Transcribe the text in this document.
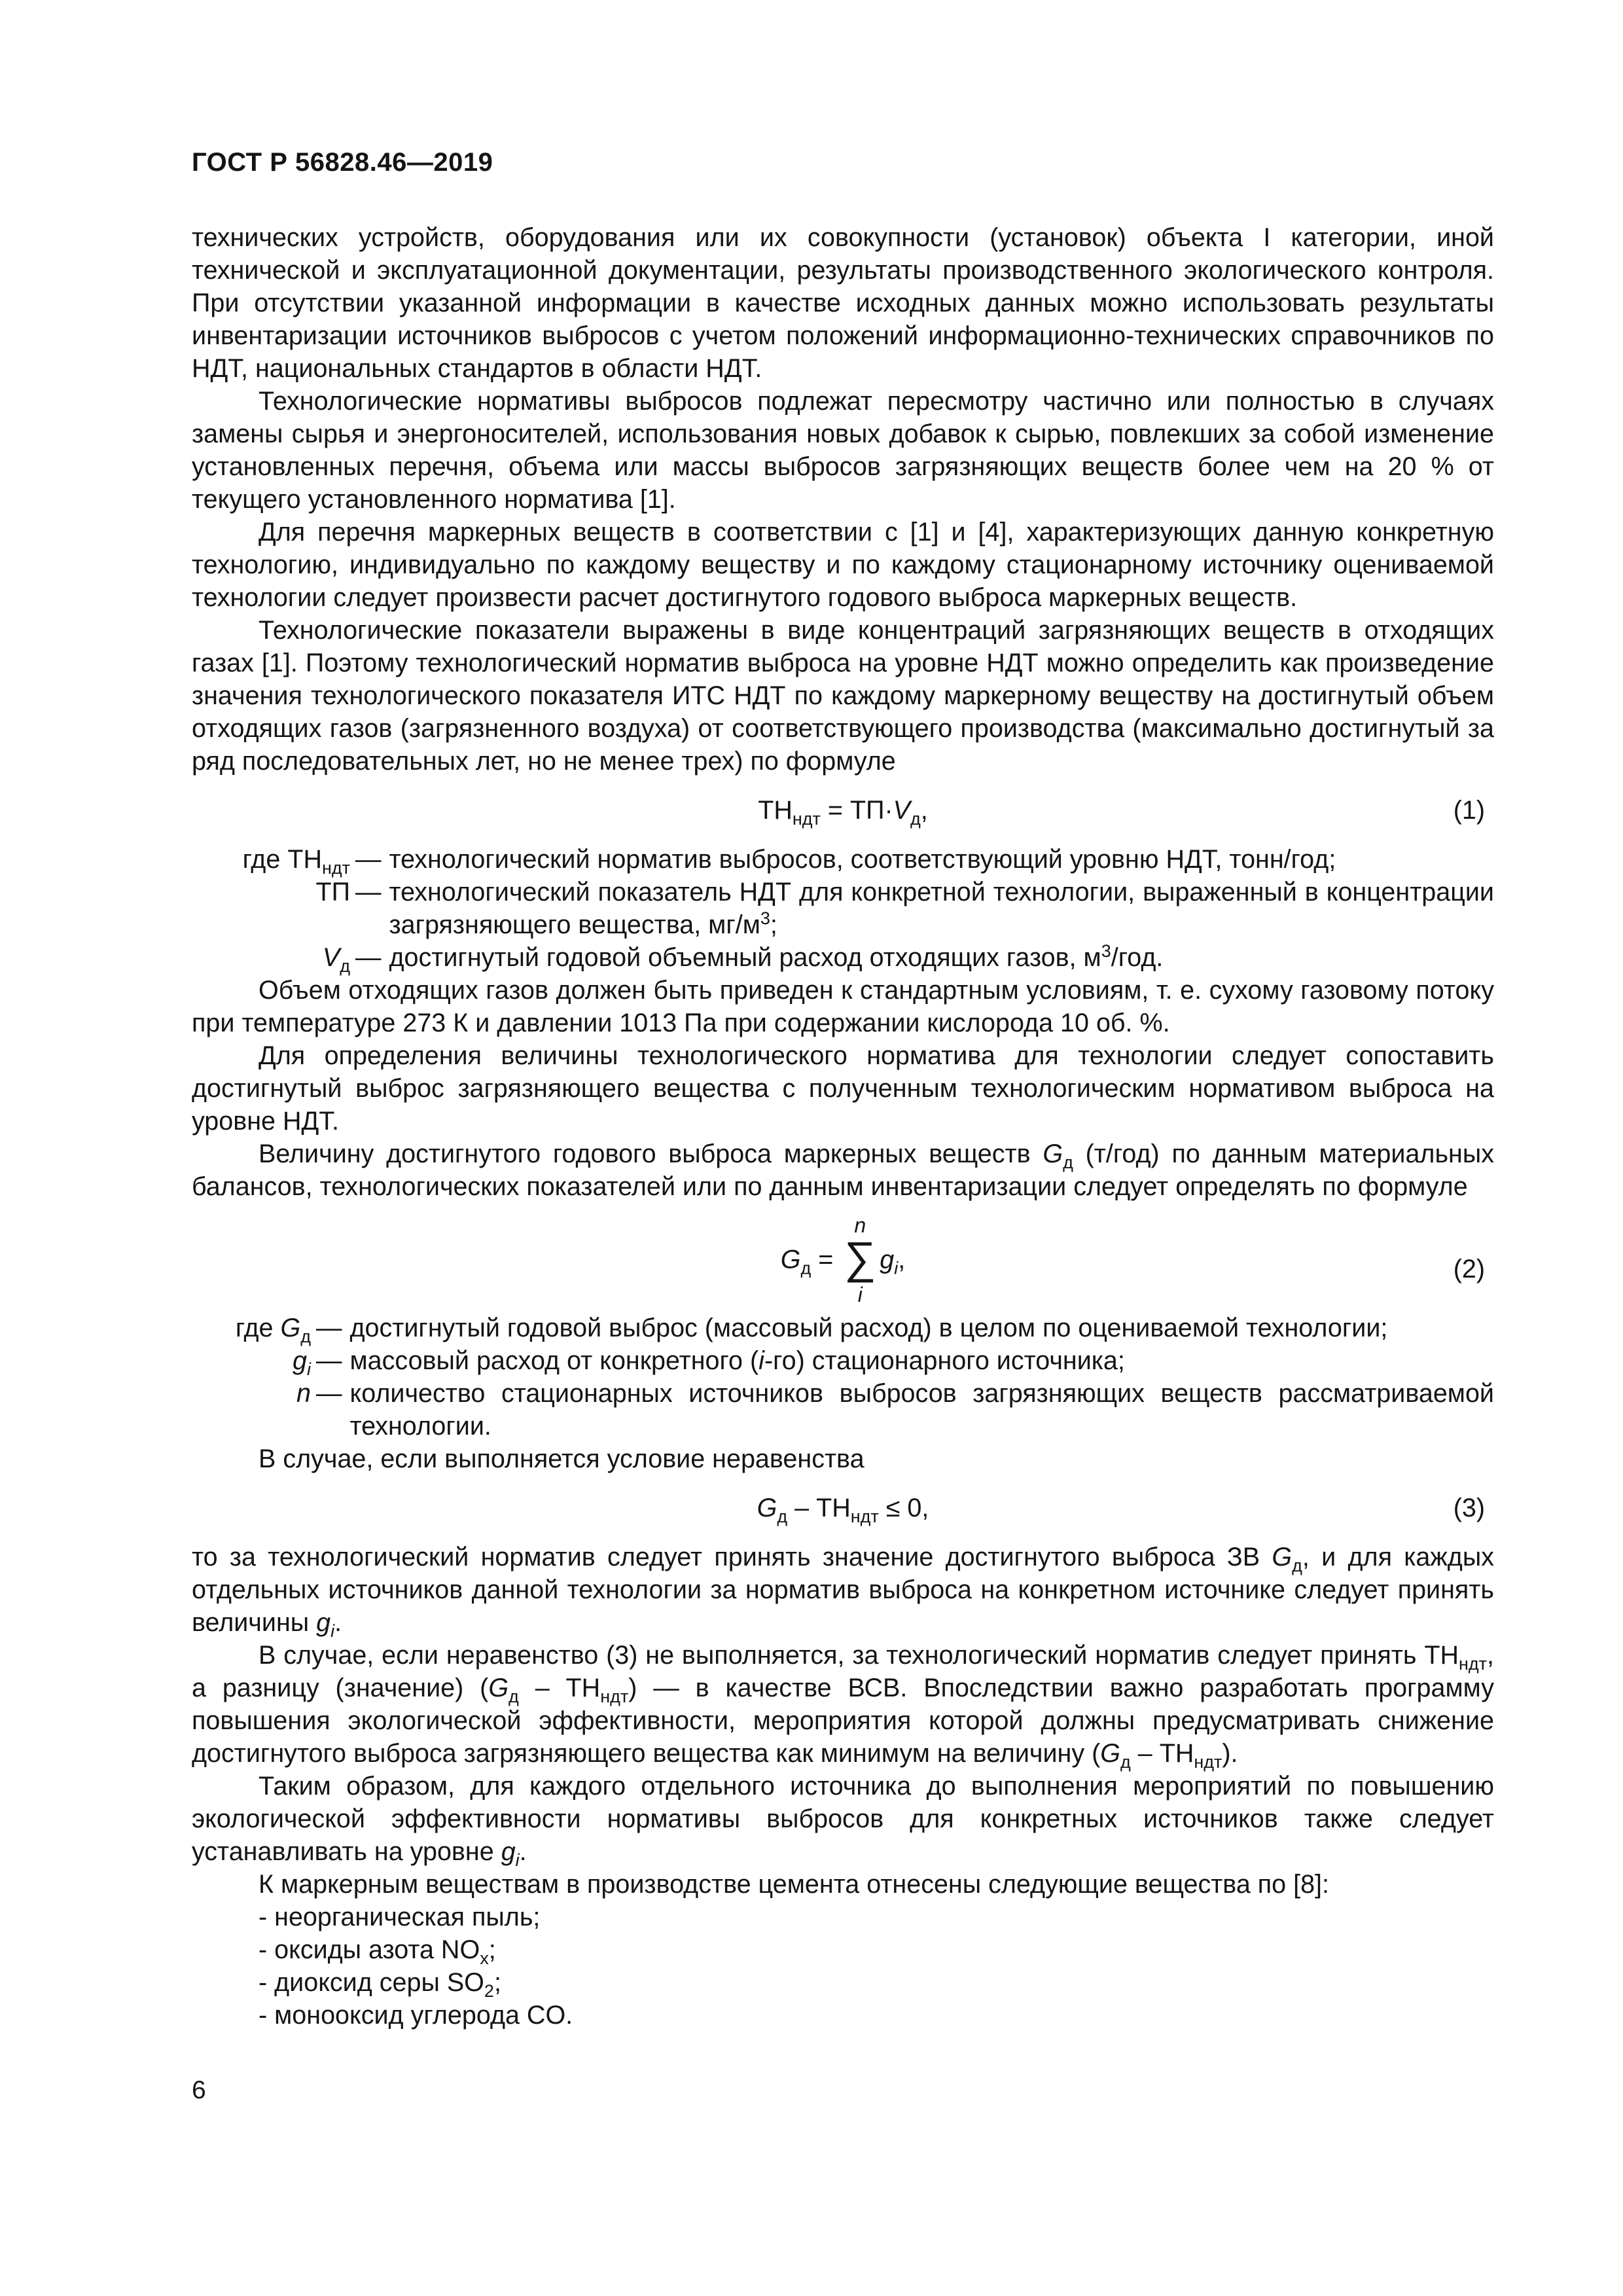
ГОСТ Р 56828.46—2019

технических устройств, оборудования или их совокупности (установок) объекта I категории, иной технической и эксплуатационной документации, результаты производственного экологического контроля. При отсутствии указанной информации в качестве исходных данных можно использовать результаты инвентаризации источников выбросов с учетом положений информационно-технических справочников по НДТ, национальных стандартов в области НДТ.

Технологические нормативы выбросов подлежат пересмотру частично или полностью в случаях замены сырья и энергоносителей, использования новых добавок к сырью, повлекших за собой изменение установленных перечня, объема или массы выбросов загрязняющих веществ более чем на 20 % от текущего установленного норматива [1].

Для перечня маркерных веществ в соответствии с [1] и [4], характеризующих данную конкретную технологию, индивидуально по каждому веществу и по каждому стационарному источнику оцениваемой технологии следует произвести расчет достигнутого годового выброса маркерных веществ.

Технологические показатели выражены в виде концентраций загрязняющих веществ в отходящих газах [1]. Поэтому технологический норматив выброса на уровне НДТ можно определить как произведение значения технологического показателя ИТС НДТ по каждому маркерному веществу на достигнутый объем отходящих газов (загрязненного воздуха) от соответствующего производства (максимально достигнутый за ряд последовательных лет, но не менее трех) по формуле

$ТН_{ндт} = ТП\cdot V_д$,	(1)
где $ТН_{ндт}$ — технологический норматив выбросов, соответствующий уровню НДТ, тонн/год;
ТП — технологический показатель НДТ для конкретной технологии, выраженный в концентрации загрязняющего вещества, $мг/м^3$;
$V_д$ — достигнутый годовой объемный расход отходящих газов, $м^3$/год.

Объем отходящих газов должен быть приведен к стандартным условиям, т. е. сухому газовому потоку при температуре 273 К и давлении 1013 Па при содержании кислорода 10 об. %.

Для определения величины технологического норматива для технологии следует сопоставить достигнутый выброс загрязняющего вещества с полученным технологическим нормативом выброса на уровне НДТ.

Величину достигнутого годового выброса маркерных веществ $G_д$ (т/год) по данным материальных балансов, технологических показателей или по данным инвентаризации следует определять по формуле

$G_д$ =
n
∑
i
$g_i$,	(2)
где $G_д$ — достигнутый годовой выброс (массовый расход) в целом по оцениваемой технологии;
$g_i$ — массовый расход от конкретного (i-го) стационарного источника;
n — количество стационарных источников выбросов загрязняющих веществ рассматриваемой технологии.

В случае, если выполняется условие неравенства

$G_д - ТН_{ндт} \le 0$,	(3)

то за технологический норматив следует принять значение достигнутого выброса ЗВ $G_д$, и для каждых отдельных источников данной технологии за норматив выброса на конкретном источнике следует принять величины $g_i$.

В случае, если неравенство (3) не выполняется, за технологический норматив следует принять $ТН_{ндт}$, а разницу (значение) $(G_д - ТН_{ндт})$ — в качестве ВСВ. Впоследствии важно разработать программу повышения экологической эффективности, мероприятия которой должны предусматривать снижение достигнутого выброса загрязняющего вещества как минимум на величину $(G_д - ТН_{ндт})$.

Таким образом, для каждого отдельного источника до выполнения мероприятий по повышению экологической эффективности нормативы выбросов для конкретных источников также следует устанавливать на уровне $g_i$.

К маркерным веществам в производстве цемента отнесены следующие вещества по [8]:

- неорганическая пыль;
- оксиды азота $NO_x$;
- диоксид серы $SO_2$;
- монооксид углерода CO.
6
